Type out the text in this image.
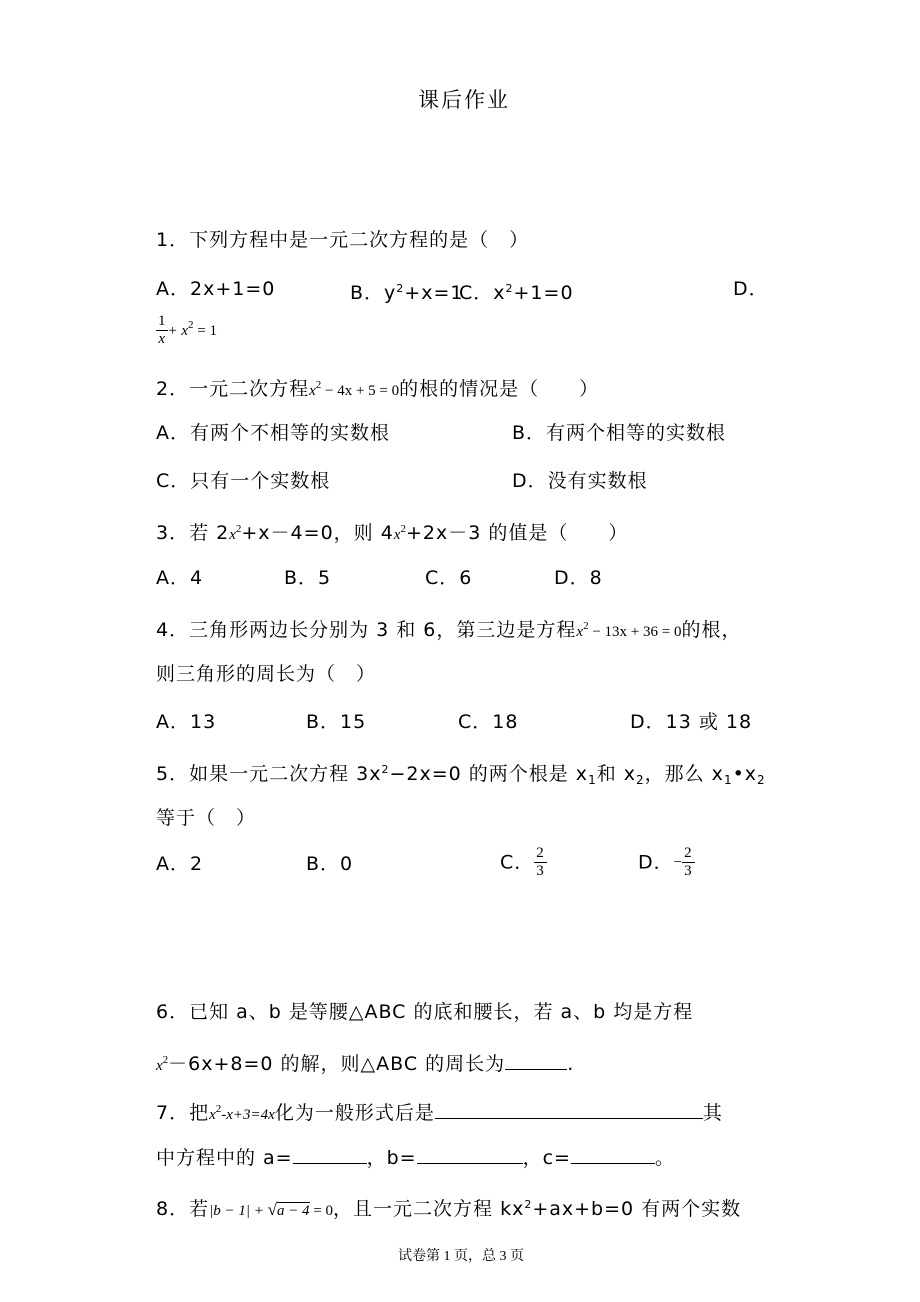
课后作业
1．下列方程中是一元二次方程的是（　）
A．2x+1=0	B．$y^2+x=1$
C．$x^2+1=0$	D．
$\frac{1}{x} + x^2 = 1$
2．一元二次方程$x^2 - 4x + 5 = 0$的根的情况是（　　）
A．有两个不相等的实数根	B．有两个相等的实数根
C．只有一个实数根	D．没有实数根
3．若 $2x^2+x-4=0$，则 $4x^2+2x-3$ 的值是（　　）
A．4	B．5	C．6	D．8
4．三角形两边长分别为 3 和 6，第三边是方程$x^2 - 13x + 36 = 0$的根，
则三角形的周长为（　）
A．13	B．15	C．18	D．13 或 18
5．如果一元二次方程 $3x^2-2x=0$ 的两个根是 $x_1$和 $x_2$，那么 $x_1•x_2$
等于（　）
A．2	B．0	C． $\frac{2}{3}$	D．− $\frac{2}{3}$
6．已知 a、b 是等腰△ABC 的底和腰长，若 a、b 均是方程
$x^2-6x+8=0$ 的解，则△ABC 的周长为	.
7．把$x^2-x+3=4x$化为一般形式后是	其
中方程中的 a=	，b=	，c=	。
8．若|b − 1| + √a − 4 = 0，且一元二次方程 $kx^2+ax+b=0$ 有两个实数
试卷第 1 页，总 3 页
